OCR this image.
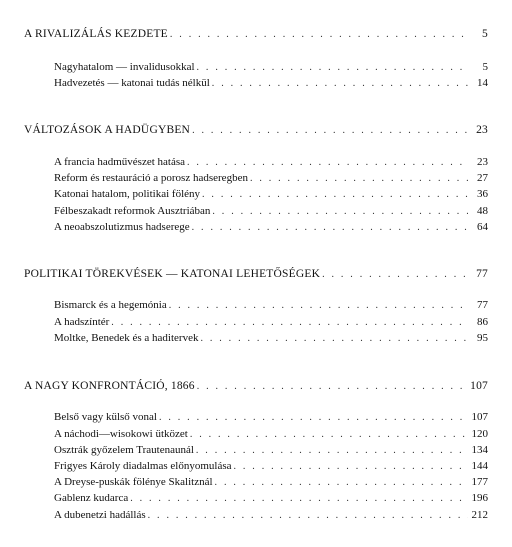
A RIVALIZÁLÁS KEZDETE . . .	5
Nagyhatalom — invalidusokkal . . .	5
Hadvezetés — katonai tudás nélkül . . .	14
VÁLTOZÁSOK A HADÜGYBEN . . .	23
A francia hadművészet hatása . . .	23
Reform és restauráció a porosz hadseregben . . .	27
Katonai hatalom, politikai fölény . . .	36
Félbeszakadt reformok Ausztriában . . .	48
A neoabszolutizmus hadserege . . .	64
POLITIKAI TÖREKVÉSEK — KATONAI LEHETŐSÉGEK . . .	77
Bismarck és a hegemónia . . .	77
A hadszíntér . . .	86
Moltke, Benedek és a haditervek . . .	95
A NAGY KONFRONTÁCIÓ, 1866 . . .	107
Belső vagy külső vonal . . .	107
A náchodi—wisokowi ütközet . . .	120
Osztrák győzelem Trautenaunál . . .	134
Frigyes Károly diadalmas előnyomulása . . .	144
A Dreyse-puskák fölénye Skalitznál . . .	177
Gablenz kudarca . . .	196
A dubenetzi hadállás . . .	212
